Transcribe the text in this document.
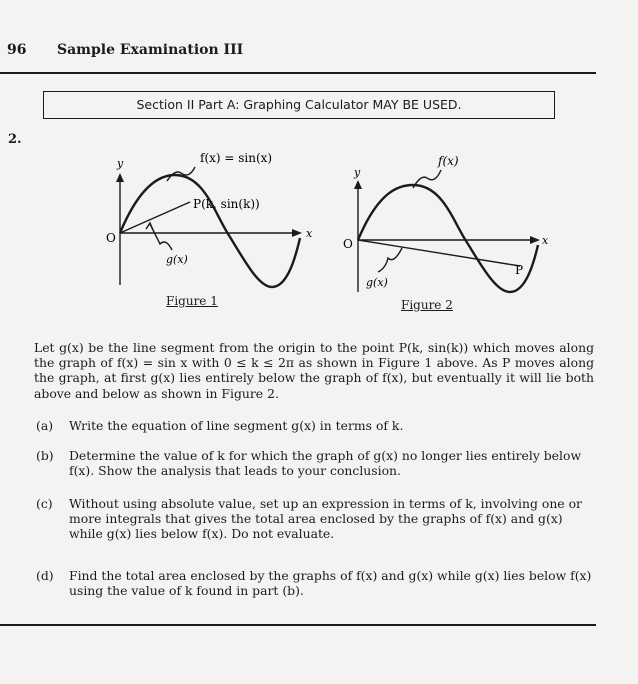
96 Sample Examination III
Section II Part A: Graphing Calculator MAY BE USED.
2.
f(x) = sin(x)
P(k, sin(k))
g(x)
O	x
y
Figure 1
f(x)
P
g(x)
O	x
y
Figure 2
Let g(x) be the line segment from the origin to the point P(k, sin(k)) which moves along the graph of f(x) = sin x with 0 ≤ k ≤ 2π as shown in Figure 1 above. As P moves along the graph, at first g(x) lies entirely below the graph of f(x), but eventually it will lie both above and below as shown in Figure 2.
(a) Write the equation of line segment g(x) in terms of k.
(b) Determine the value of k for which the graph of g(x) no longer lies entirely below f(x). Show the analysis that leads to your conclusion.
(c) Without using absolute value, set up an expression in terms of k, involving one or more integrals that gives the total area enclosed by the graphs of f(x) and g(x) while g(x) lies below f(x). Do not evaluate.
(d) Find the total area enclosed by the graphs of f(x) and g(x) while g(x) lies below f(x) using the value of k found in part (b).
